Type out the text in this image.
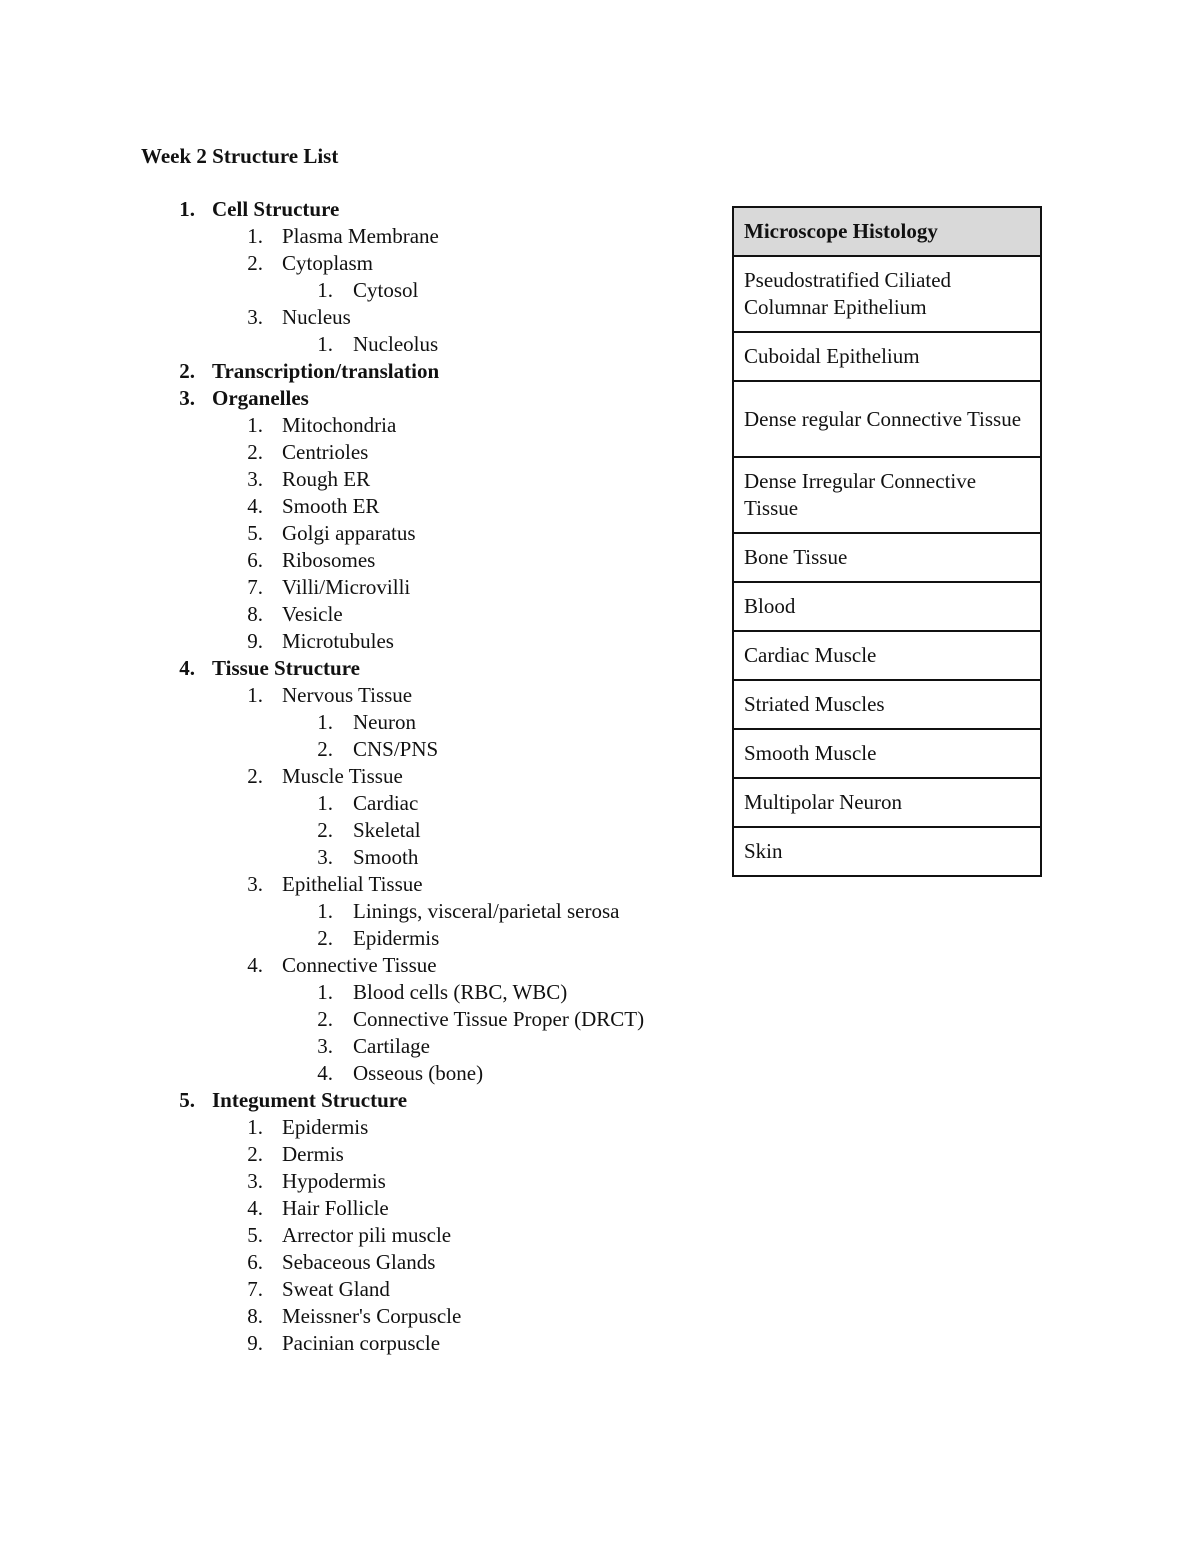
Week 2 Structure List
1. Cell Structure
1. Plasma Membrane
2. Cytoplasm
1. Cytosol
3. Nucleus
1. Nucleolus
2. Transcription/translation
3. Organelles
1. Mitochondria
2. Centrioles
3. Rough ER
4. Smooth ER
5. Golgi apparatus
6. Ribosomes
7. Villi/Microvilli
8. Vesicle
9. Microtubules
4. Tissue Structure
1. Nervous Tissue
1. Neuron
2. CNS/PNS
2. Muscle Tissue
1. Cardiac
2. Skeletal
3. Smooth
3. Epithelial Tissue
1. Linings, visceral/parietal serosa
2. Epidermis
4. Connective Tissue
1. Blood cells (RBC, WBC)
2. Connective Tissue Proper (DRCT)
3. Cartilage
4. Osseous (bone)
5. Integument Structure
1. Epidermis
2. Dermis
3. Hypodermis
4. Hair Follicle
5. Arrector pili muscle
6. Sebaceous Glands
7. Sweat Gland
8. Meissner's Corpuscle
9. Pacinian corpuscle
Microscope Histology
Pseudostratified Ciliated Columnar Epithelium
Cuboidal Epithelium
Dense regular Connective Tissue
Dense Irregular Connective Tissue
Bone Tissue
Blood
Cardiac Muscle
Striated Muscles
Smooth Muscle
Multipolar Neuron
Skin
